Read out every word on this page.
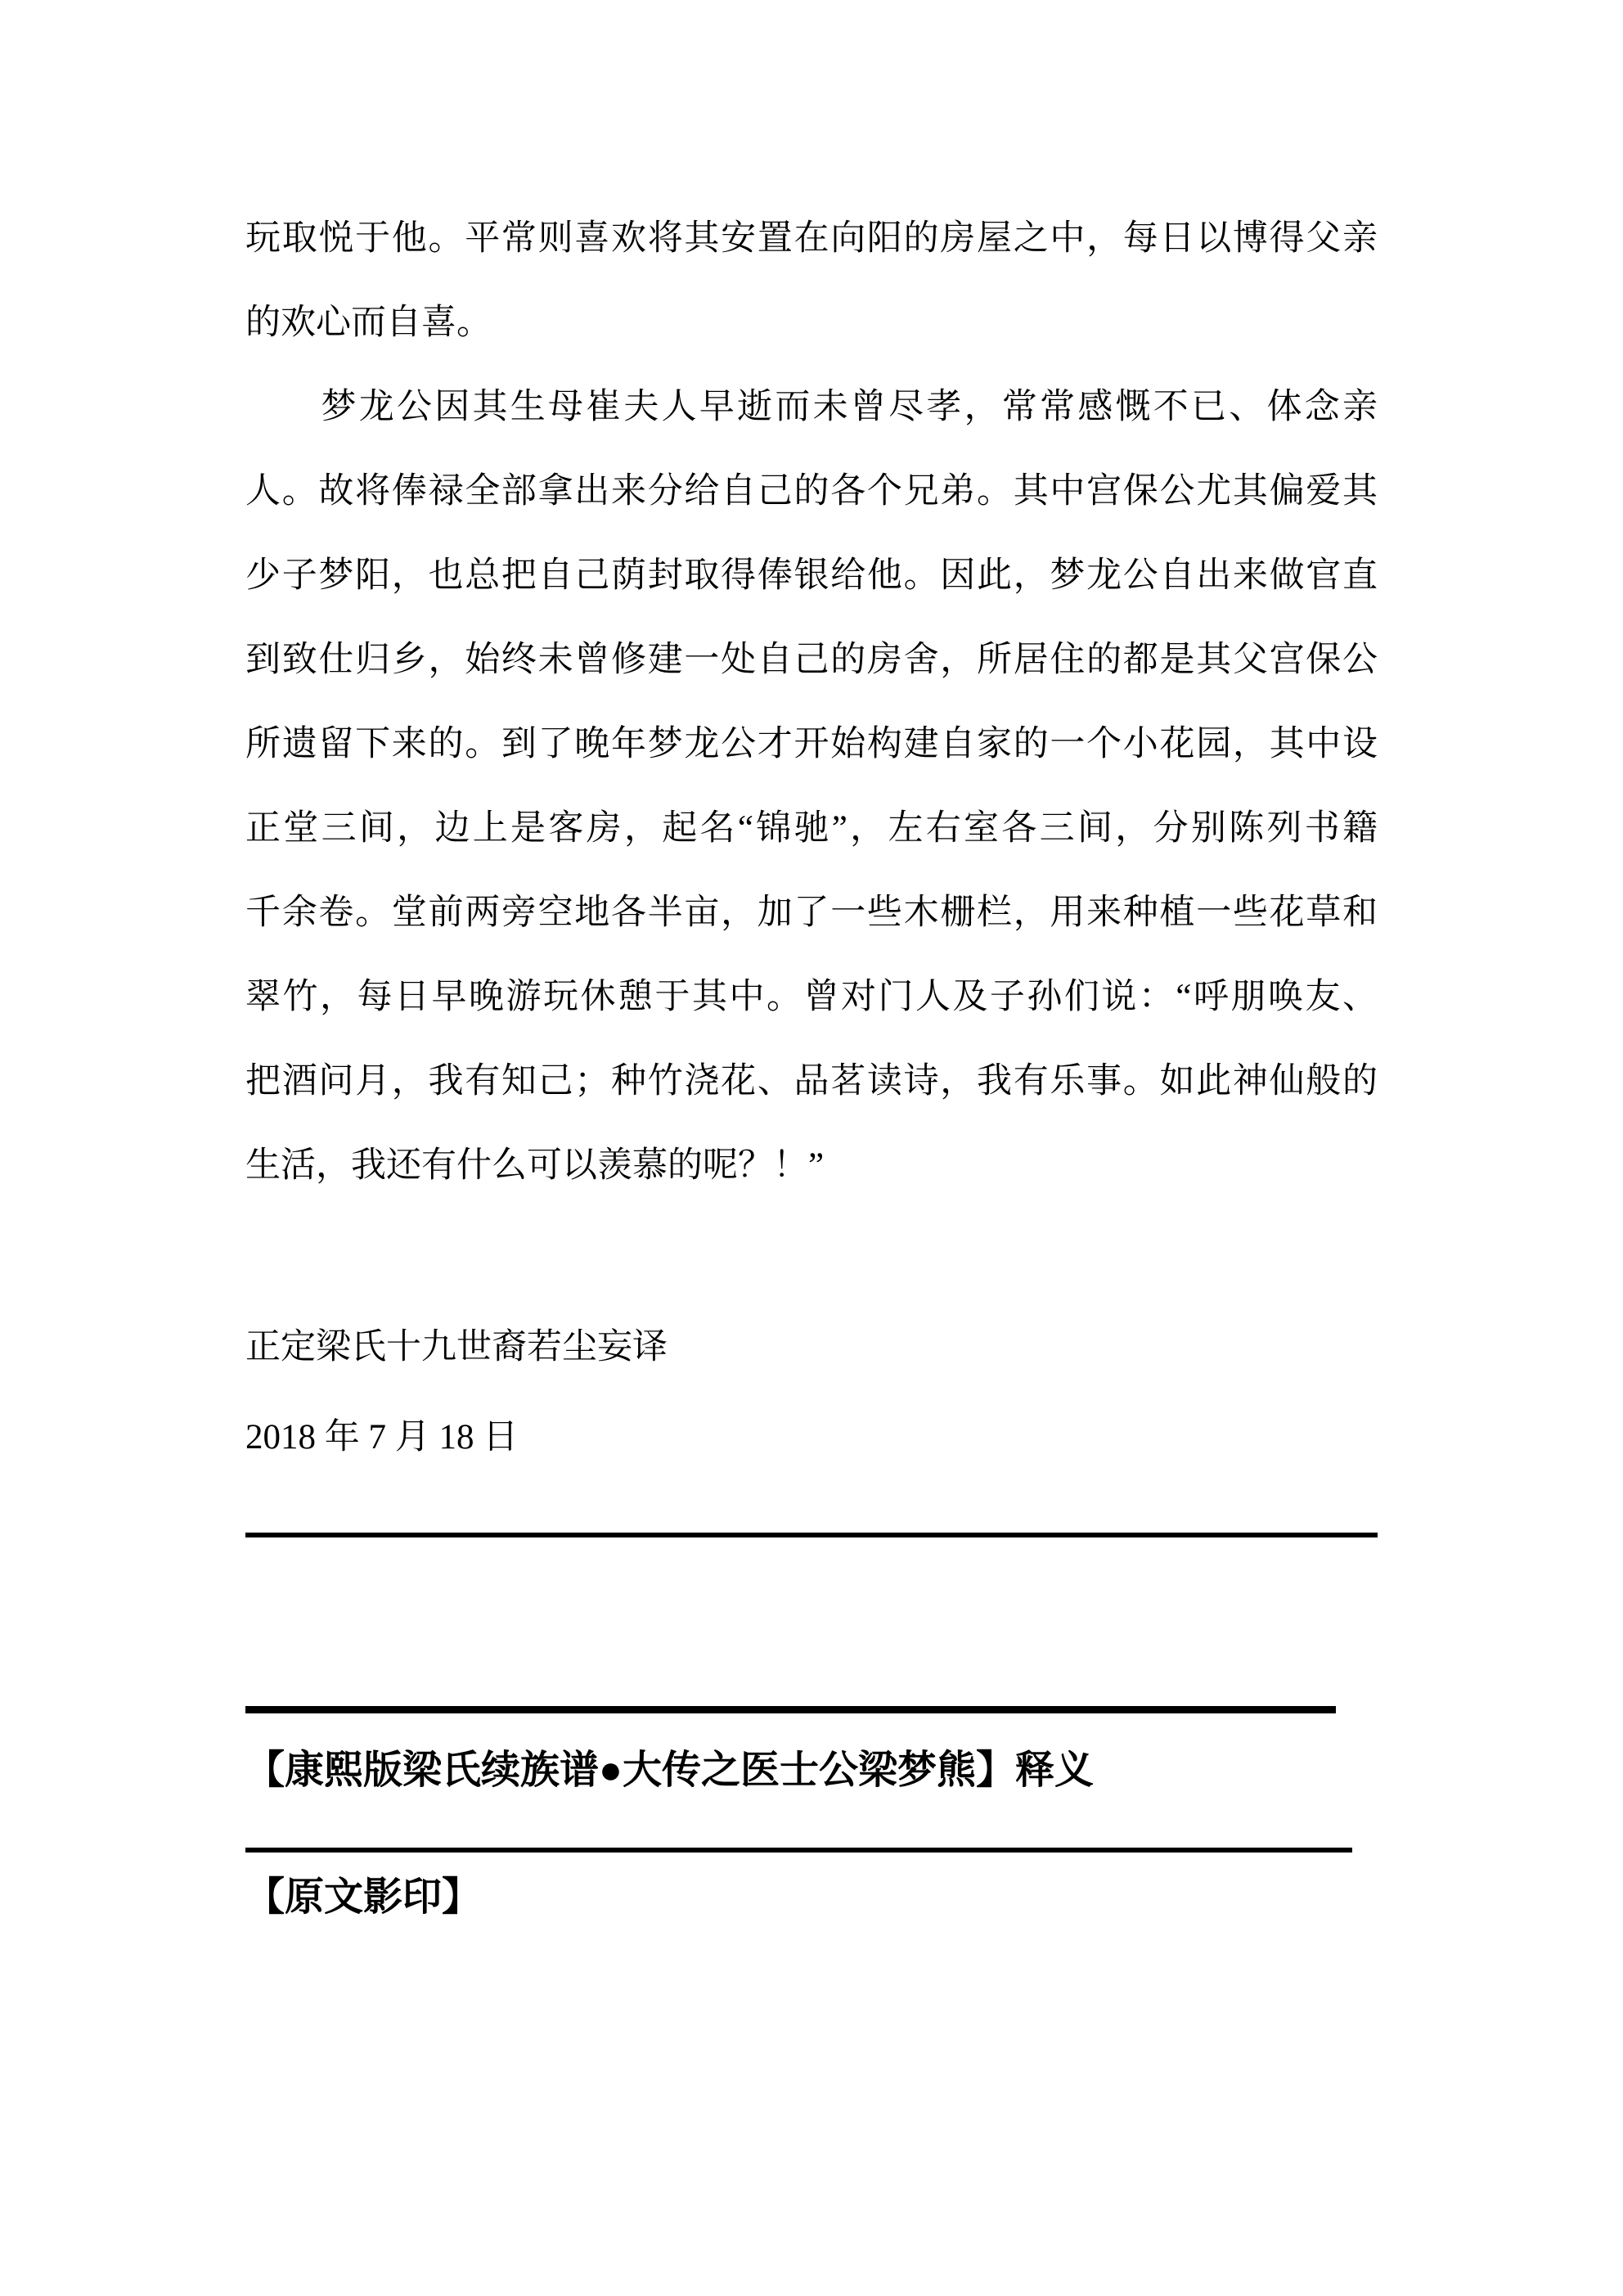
玩取悦于他。平常则喜欢将其安置在向阳的房屋之中，每日以博得父亲
的欢心而自喜。
　　梦龙公因其生母崔夫人早逝而未曾尽孝，常常感慨不已、体念亲
人。故将俸禄全部拿出来分给自己的各个兄弟。其中宫保公尤其偏爱其
少子梦阳，也总把自己荫封取得俸银给他。因此，梦龙公自出来做官直
到致仕归乡，始终未曾修建一处自己的房舍，所居住的都是其父宫保公
所遗留下来的。到了晚年梦龙公才开始构建自家的一个小花园，其中设
正堂三间，边上是客房，起名“锦驰”，左右室各三间，分别陈列书籍
千余卷。堂前两旁空地各半亩，加了一些木栅栏，用来种植一些花草和
翠竹，每日早晚游玩休憩于其中。曾对门人及子孙们说：“呼朋唤友、
把酒问月，我有知己；种竹浇花、品茗读诗，我有乐事。如此神仙般的
生活，我还有什么可以羡慕的呢？！”
正定梁氏十九世裔若尘妄译
2018 年 7 月 18 日
【康熙版梁氏续族谱●大传之医士公梁梦熊】释义
【原文影印】
